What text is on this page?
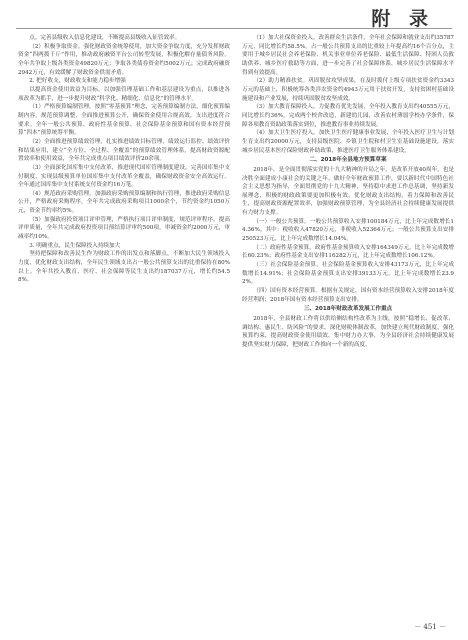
附 录

点。完善县级收入信息化建设，不断提高县级收入征管效率。

（2）积极争取资金。强化财政资金统筹使用，加大资金争取力度，充分发挥财政资金“四两拨千斤”作用，推动政府融资平台公司转型发展，积极化解存量债务风险。全年共争取上级各类资金49820万元；争取各类债券资金约5002万元；完成政府融资2942万元，有效缓解了财政资金供需矛盾。

2. 把好收支，财政收支和能力稳步增强

以提高资金使用效益为目标，以加强管理基础工作和基层建设为重点，以推进各项改革为抓手，进一步提升财政“科学化、精细化、信息化”的管理水平。

（1）严格预算编制管理。按照“零基预算”理念，完善预算编制方法，细化预算编制内容，规范预算调整，全面推进预算公开，确保资金使用合规高效，支出进度符合要求。全年一般公共预算、政府性基金预算、社会保险基金预算和国有资本经营预算“四本”预算统筹平衡。

（2）全面推进预算绩效管理，扎实推进绩效目标管理、绩效运行监控、绩效评价和结果应用，建立“全方位、全过程、全覆盖”的预算绩效管理体系，提高财政资源配置效率和使用效益，全年共完成重点项目绩效评价20余项。

（3）全面深化国库集中支付改革，推进现代国库管理制度建设，完善国库集中支付制度，实现县级预算单位国库集中支付改革全覆盖，确保财政资金安全高效运行。全年通过国库集中支付系统支付资金约16万笔。

（4）规范政府采购管理，加强政府采购预算编制和执行管理，推进政府采购信息公开，严格政府采购程序，全年共完成政府采购项目1000余个，节约资金约1050万元，资金节约率约5%。

（5）加强政府投资项目评审管理，严格执行项目评审制度，规范评审程序，提高评审质量，全年共完成政府投资项目预结算评审约500项，审减资金约2000万元，审减率约10%。

3. 明确重点，民生保障投入持续加大

坚持把保障和改善民生作为财政工作的出发点和落脚点，不断加大民生领域投入力度，优化财政支出结构，全年民生领域支出占一般公共预算支出的比重保持在80%以上。全年共投入教育、医疗、社会保障等民生支出约187037万元，增长约54.58%。

（1）加大社保资金投入。改善群众生活条件，全年社会保障和就业支出约35787万元，同比增长约58.5%。占一般公共预算支出的比重较上年提高约16个百分点，主要用于城乡居民社会养老保险、机关事业单位养老保险、最低生活保障、特困人员救助供养、城乡医疗救助等方面，进一步完善了社会保障体系，城乡居民生活保障水平得到有效提高。

（2）助力精准扶贫。巩固脱贫攻坚成果，在及时拨付上级专项扶贫资金约3343万元的基础上，积极统筹各类涉农资金约4943万元用于扶贫开发，支持贫困村基础设施建设和产业发展，持续巩固脱贫攻坚成效。

（3）加大教育保障投入。力促教育优先发展，全年投入教育支出约40555万元，同比增长约36%。完成两个校舍改造，新建幼儿园，改善农村薄弱学校办学条件，保障各项教育资助政策落实到位，推进教育事业持续发展。

（4）加大卫生医疗投入。加快卫生医疗健康事业发展，全年投入医疗卫生与计划生育支出约20000万元，支持县级医院、乡镇卫生院和村卫生室基础设施建设，落实城乡居民基本医疗保险财政补助政策，推进医疗卫生服务体系建设。

二、2018年全县地方预算草案

2018年，是全面贯彻落实党的十九大精神的开局之年，是改革开放40周年，也是决胜全面建成小康社会的关键之年。做好全年财政预算工作，要以新时代中国特色社会主义思想为指导，全面贯彻党的十九大精神，坚持稳中求进工作总基调，坚持新发展理念，积极的财政政策要更加积极有效，优化财政支出结构，着力保障和改善民生，提高财政资源配置效率，加强财政预算管理，为全县经济社会持续健康发展提供有力财力支撑。

（一）一般公共预算。一般公共预算收入安排100184万元，比上年完成数增长14.36%。其中：税收收入47820万元，非税收入52364万元；一般公共预算支出安排250523万元，比上年完成数增长14.04%。

（二）政府性基金预算。政府性基金预算收入安排164349万元，比上年完成数增长60.23%；政府性基金支出安排116282万元，比上年完成数增长106.12%。

（三）社会保险基金预算。社会保险基金预算收入安排43173万元，比上年完成数增长14.91%；社会保险基金预算支出安排39133万元，比上年完成数增长23.92%。

（四）国有资本经营预算。根据有关规定，国有资本经营预算收入安排2018年度经营利润；2018年国有资本经营预算支出安排。

三、2018年财政改革发展工作重点

2018年，全县财政工作将以供给侧结构性改革为主线，按照“稳增长、促改革、调结构、惠民生、防风险”的要求，深化财税体制改革，加快建立现代财政制度，强化预算约束，提高财政资金使用绩效，集中财力办大事，为全县经济社会持续健康发展提供坚实财力保障，把财政工作推向一个新的高度。

－ 451 －
